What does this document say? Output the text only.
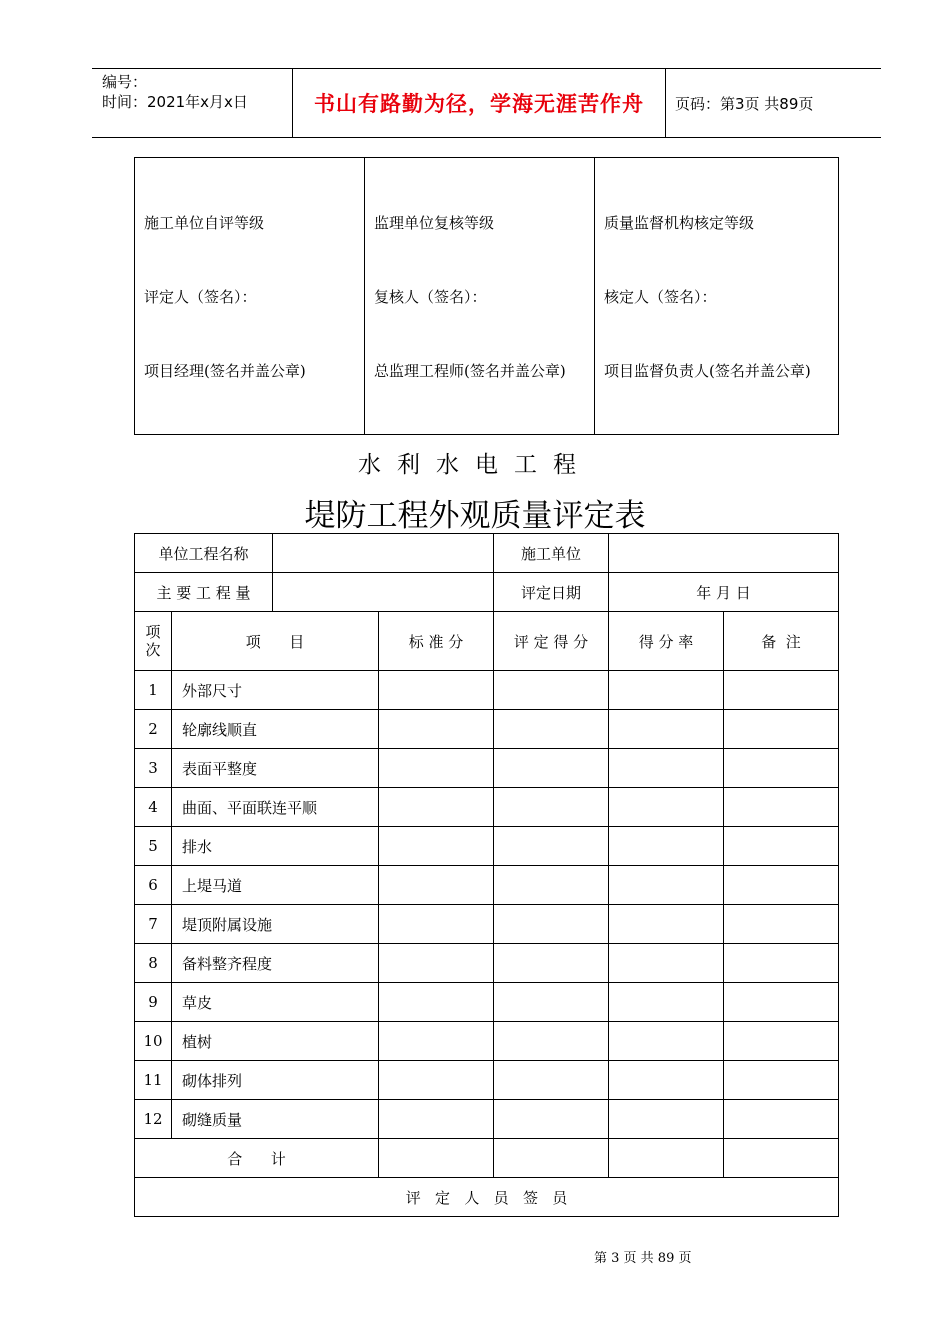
编号：
时间：2021年x月x日	书山有路勤为径，学海无涯苦作舟	页码：第3页 共89页
施工单位自评等级
评定人（签名）：
项目经理(签名并盖公章)

监理单位复核等级
复核人（签名）：
总监理工程师(签名并盖公章)

质量监督机构核定等级
核定人（签名）：
项目监督负责人(签名并盖公章)
水利水电工程
堤防工程外观质量评定表
单位工程名称				施工单位		
主 要 工 程 量				评定日期	年 月 日	
项次	项      目		标 准 分	评 定 得 分	得 分 率	备  注
1	外部尺寸					
2	轮廓线顺直					
3	表面平整度					
4	曲面、平面联连平顺					
5	排水					
6	上堤马道					
7	堤顶附属设施					
8	备料整齐程度					
9	草皮					
10	植树					
11	砌体排列					
12	砌缝质量					
合      计						
评   定   人   员   签   员						
第 3 页 共 89 页
